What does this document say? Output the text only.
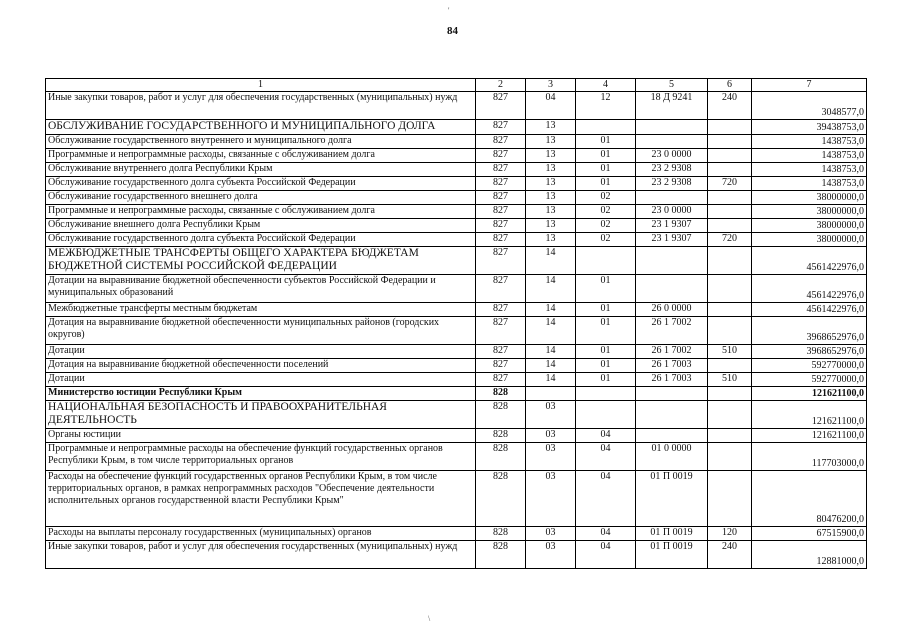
'
84
1	2	3	4	5	6	7
Иные закупки товаров, работ и услуг для обеспечения государственных (муниципальных) нужд	827	04	12	18 Д 9241	240	3048577,0
ОБСЛУЖИВАНИЕ ГОСУДАРСТВЕННОГО И МУНИЦИПАЛЬНОГО ДОЛГА	827	13				39438753,0
Обслуживание государственного внутреннего и муниципального долга	827	13	01			1438753,0
Программные и непрограммные расходы, связанные с обслуживанием долга	827	13	01	23 0 0000		1438753,0
Обслуживание внутреннего долга Республики Крым	827	13	01	23 2 9308		1438753,0
Обслуживание государственного долга субъекта Российской Федерации	827	13	01	23 2 9308	720	1438753,0
Обслуживание государственного внешнего долга	827	13	02			38000000,0
Программные и непрограммные расходы, связанные с обслуживанием долга	827	13	02	23 0 0000		38000000,0
Обслуживание внешнего долга Республики Крым	827	13	02	23 1 9307		38000000,0
Обслуживание государственного долга субъекта Российской Федерации	827	13	02	23 1 9307	720	38000000,0
МЕЖБЮДЖЕТНЫЕ ТРАНСФЕРТЫ ОБЩЕГО ХАРАКТЕРА БЮДЖЕТАМ БЮДЖЕТНОЙ СИСТЕМЫ РОССИЙСКОЙ ФЕДЕРАЦИИ	827	14				4561422976,0
Дотации на выравнивание бюджетной обеспеченности субъектов Российской Федерации и муниципальных образований	827	14	01			4561422976,0
Межбюджетные трансферты местным бюджетам	827	14	01	26 0 0000		4561422976,0
Дотация на выравнивание бюджетной обеспеченности муниципальных районов (городских округов)	827	14	01	26 1 7002		3968652976,0
Дотации	827	14	01	26 1 7002	510	3968652976,0
Дотация на выравнивание бюджетной обеспеченности поселений	827	14	01	26 1 7003		592770000,0
Дотации	827	14	01	26 1 7003	510	592770000,0
Министерство юстиции Республики Крым	828					121621100,0
НАЦИОНАЛЬНАЯ БЕЗОПАСНОСТЬ И ПРАВООХРАНИТЕЛЬНАЯ ДЕЯТЕЛЬНОСТЬ	828	03				121621100,0
Органы юстиции	828	03	04			121621100,0
Программные и непрограммные расходы на обеспечение функций государственных органов Республики Крым, в том числе территориальных органов	828	03	04	01 0 0000		117703000,0
Расходы на обеспечение функций государственных органов Республики Крым, в том числе территориальных органов, в рамках непрограммных расходов "Обеспечение деятельности исполнительных органов государственной власти Республики Крым"	828	03	04	01 П 0019		80476200,0
Расходы на выплаты персоналу государственных (муниципальных) органов	828	03	04	01 П 0019	120	67515900,0
Иные закупки товаров, работ и услуг для обеспечения государственных (муниципальных) нужд	828	03	04	01 П 0019	240	12881000,0
\
